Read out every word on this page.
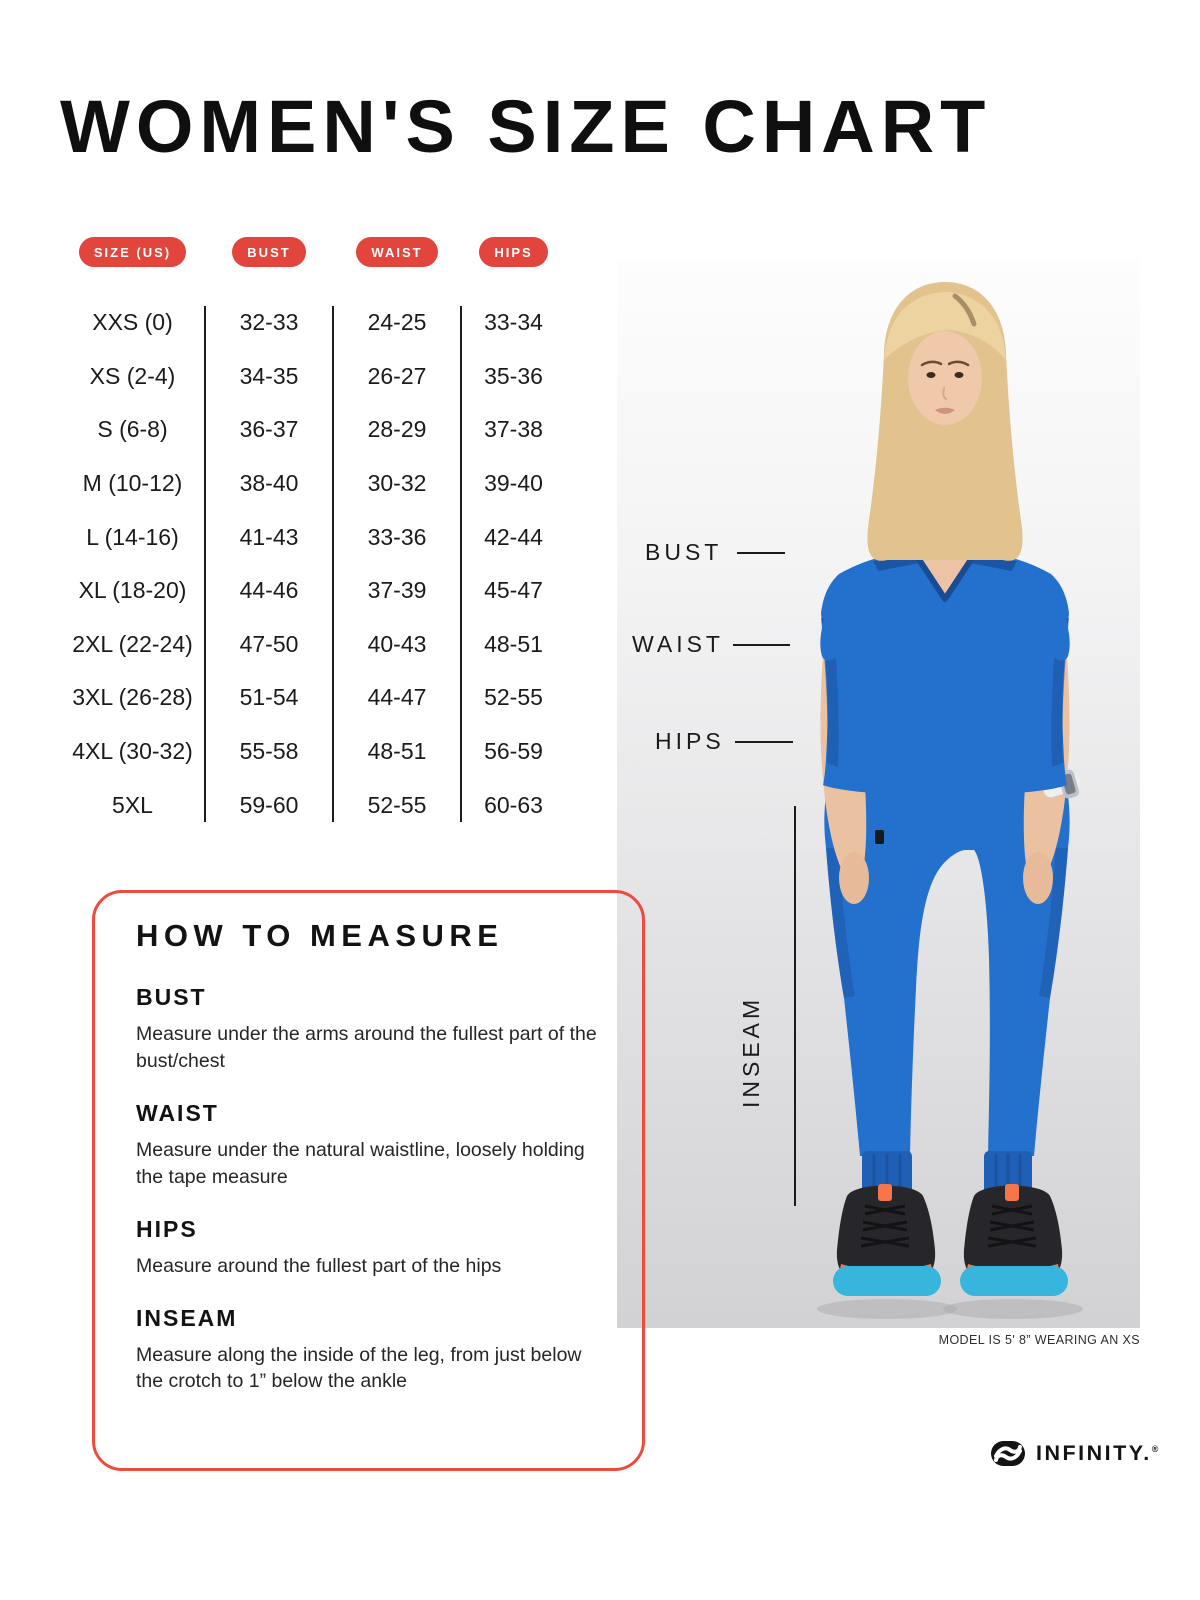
WOMEN'S SIZE CHART
SIZE (US)	BUST	WAIST	HIPS
XXS (0)	32-33	24-25	33-34
XS (2-4)	34-35	26-27	35-36
S (6-8)	36-37	28-29	37-38
M (10-12)	38-40	30-32	39-40
L (14-16)	41-43	33-36	42-44
XL (18-20)	44-46	37-39	45-47
2XL (22-24)	47-50	40-43	48-51
3XL (26-28)	51-54	44-47	52-55
4XL (30-32)	55-58	48-51	56-59
5XL	59-60	52-55	60-63
BUST
WAIST
HIPS
INSEAM
MODEL IS 5' 8” WEARING AN XS
HOW TO MEASURE
BUST
Measure under the arms around the fullest part of the bust/chest
WAIST
Measure under the natural waistline, loosely holding the tape measure
HIPS
Measure around the fullest part of the hips
INSEAM
Measure along the inside of the leg, from just below the crotch to 1” below the ankle
INFINITY.®
